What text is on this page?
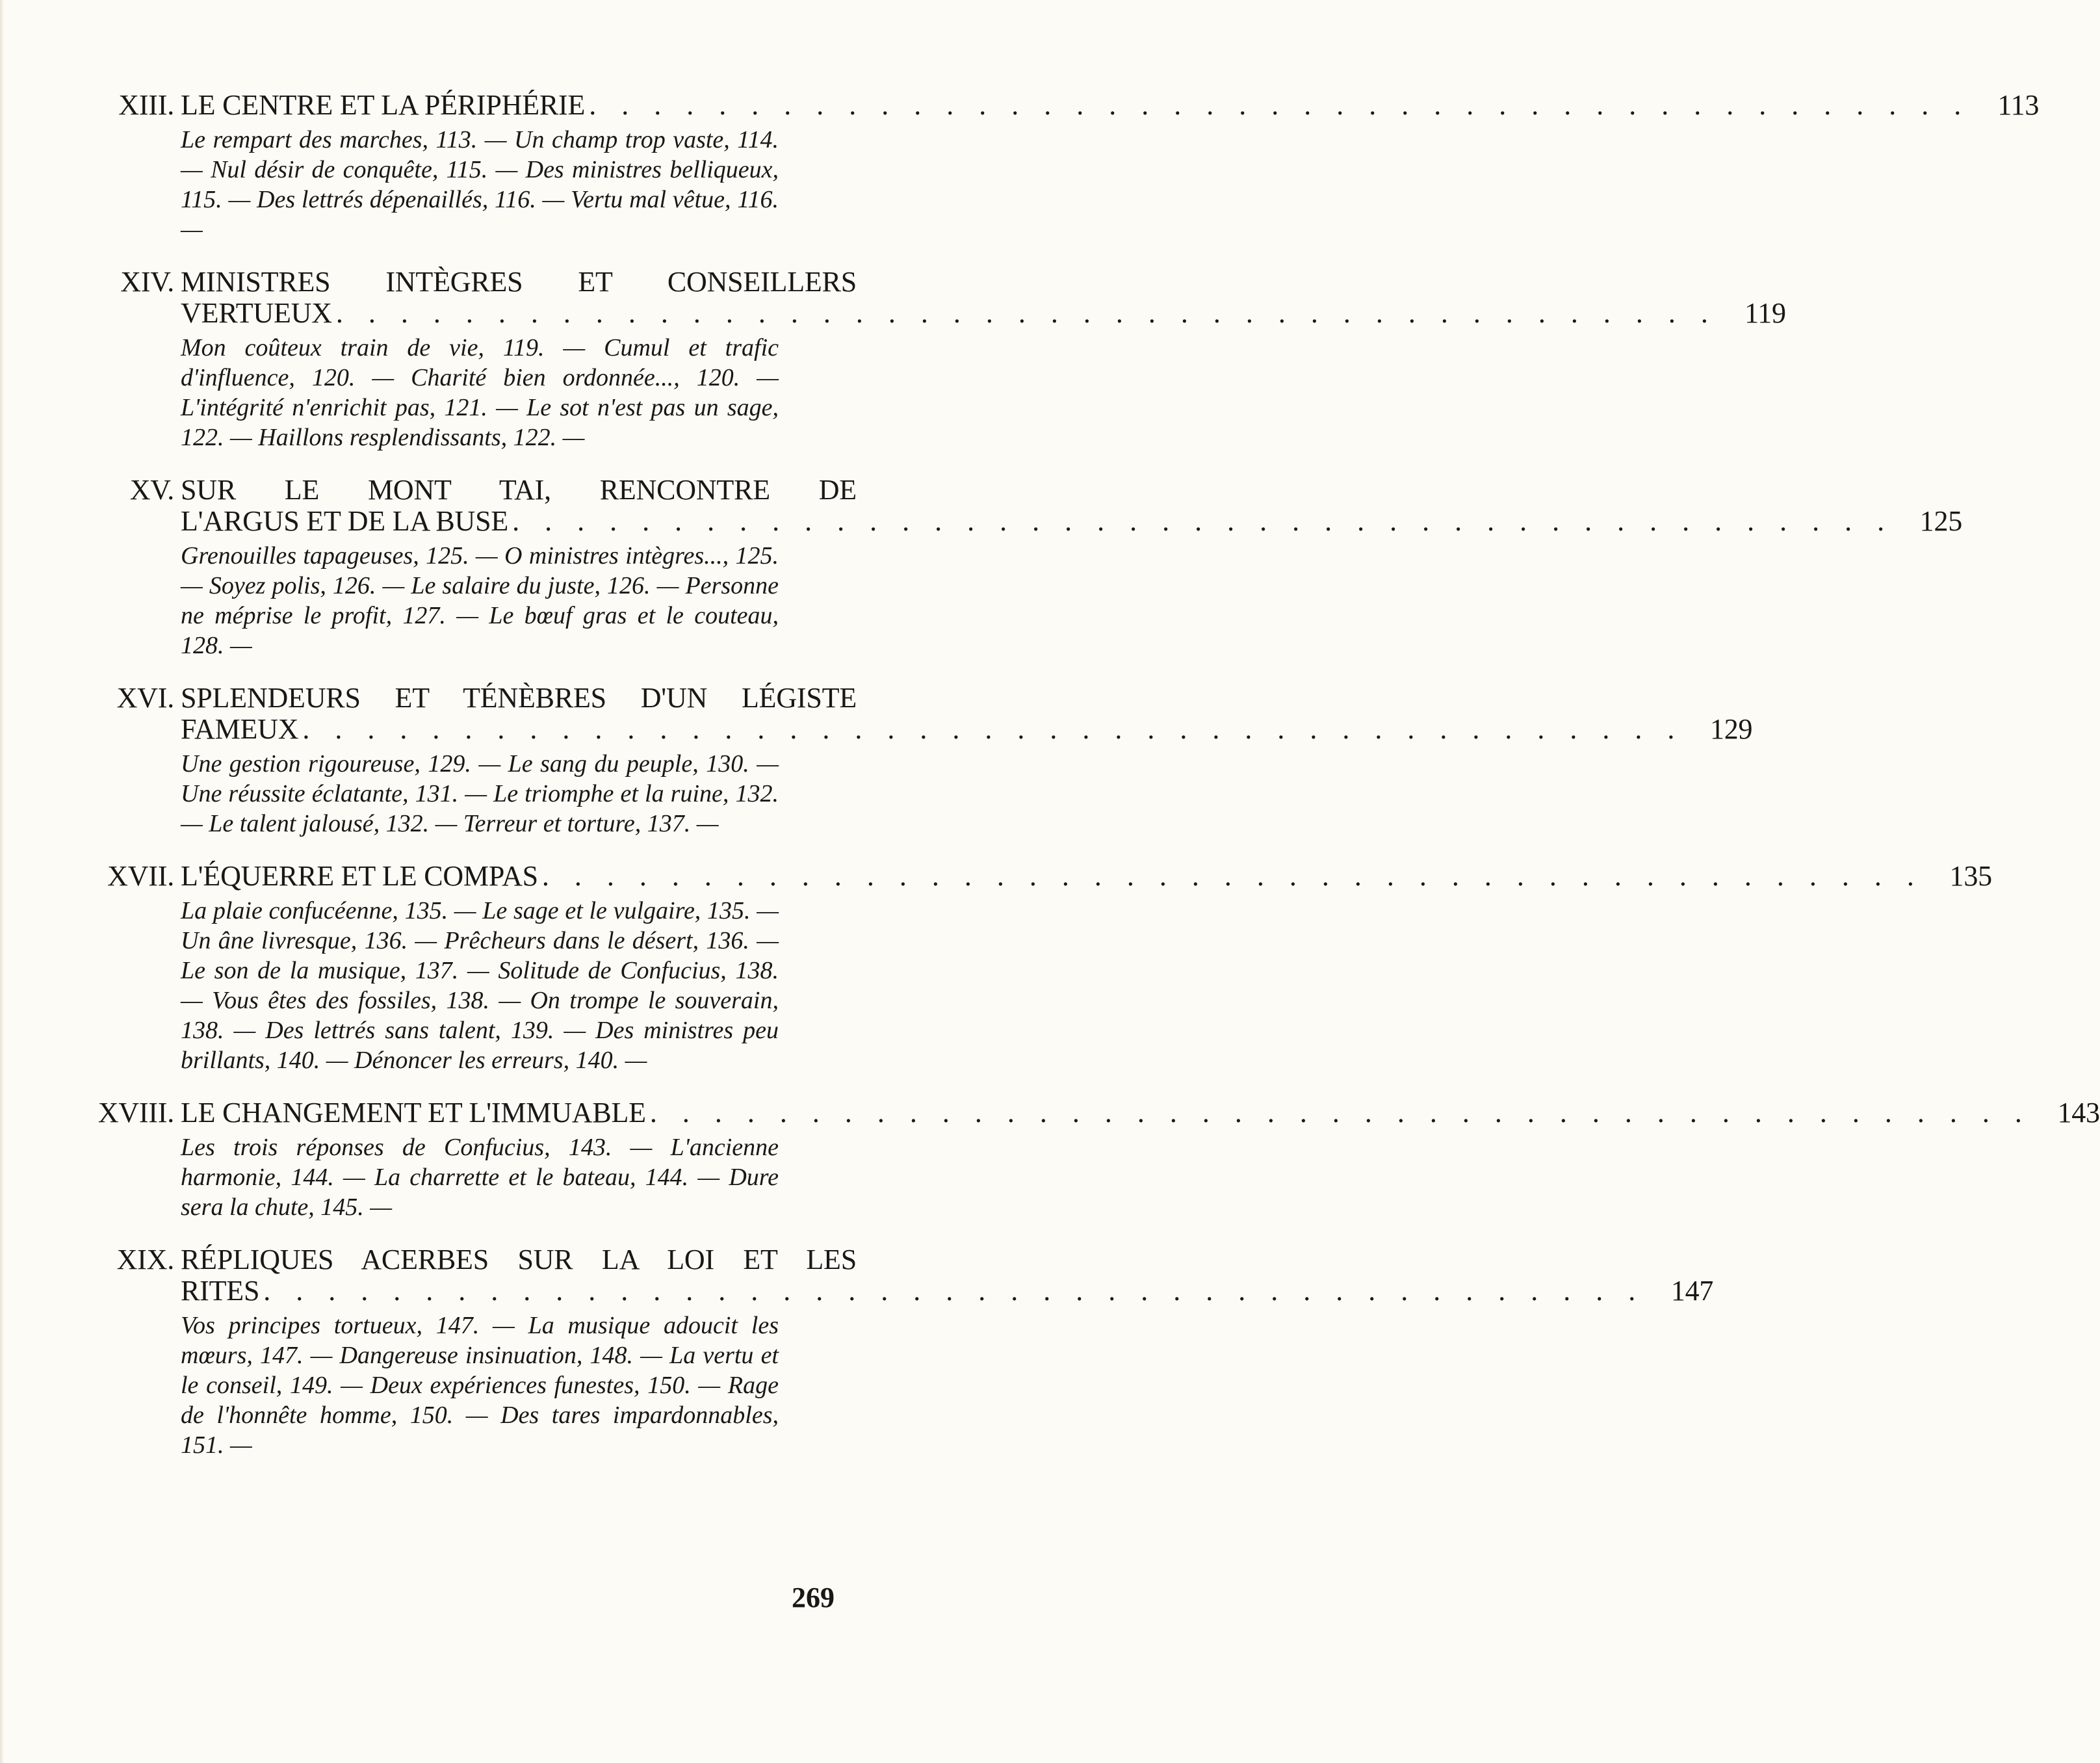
XIII. LE CENTRE ET LA PÉRIPHÉRIE . . .	113
Le rempart des marches, 113. — Un champ trop vaste, 114. — Nul désir de conquête, 115. — Des ministres belliqueux, 115. — Des lettrés dépenaillés, 116. — Vertu mal vêtue, 116. —
XIV. MINISTRES INTÈGRES ET CONSEILLERS
VERTUEUX . . .	119
Mon coûteux train de vie, 119. — Cumul et trafic d'influence, 120. — Charité bien ordonnée..., 120. — L'intégrité n'enrichit pas, 121. — Le sot n'est pas un sage, 122. — Haillons resplendissants, 122. —
XV. SUR LE MONT TAI, RENCONTRE DE
L'ARGUS ET DE LA BUSE . . .	125
Grenouilles tapageuses, 125. — O ministres intègres..., 125. — Soyez polis, 126. — Le salaire du juste, 126. — Personne ne méprise le profit, 127. — Le bœuf gras et le couteau, 128. —
XVI. SPLENDEURS ET TÉNÈBRES D'UN LÉGISTE
FAMEUX . . .	129
Une gestion rigoureuse, 129. — Le sang du peuple, 130. — Une réussite éclatante, 131. — Le triomphe et la ruine, 132. — Le talent jalousé, 132. — Terreur et torture, 137. —
XVII. L'ÉQUERRE ET LE COMPAS . . .	135
La plaie confucéenne, 135. — Le sage et le vulgaire, 135. — Un âne livresque, 136. — Prêcheurs dans le désert, 136. — Le son de la musique, 137. — Solitude de Confucius, 138. — Vous êtes des fossiles, 138. — On trompe le souverain, 138. — Des lettrés sans talent, 139. — Des ministres peu brillants, 140. — Dénoncer les erreurs, 140. —
XVIII. LE CHANGEMENT ET L'IMMUABLE . . .	143
Les trois réponses de Confucius, 143. — L'ancienne harmonie, 144. — La charrette et le bateau, 144. — Dure sera la chute, 145. —
XIX. RÉPLIQUES ACERBES SUR LA LOI ET LES
RITES . . .	147
Vos principes tortueux, 147. — La musique adoucit les mœurs, 147. — Dangereuse insinuation, 148. — La vertu et le conseil, 149. — Deux expériences funestes, 150. — Rage de l'honnête homme, 150. — Des tares impardonnables, 151. —
269
